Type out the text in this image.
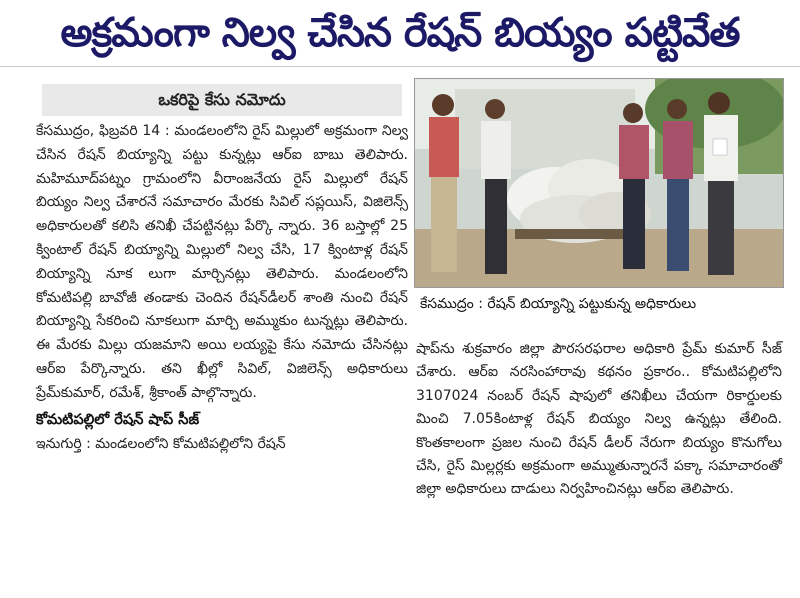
అక్రమంగా నిల్వ చేసిన రేషన్ బియ్యం పట్టివేత
ఒకరిపై కేసు నమోదు

కేసముద్రం, ఫిబ్రవరి 14 : మండలంలోని రైస్ మిల్లులో అక్రమంగా నిల్వ చేసిన రేషన్ బియ్యాన్ని పట్టు కున్నట్లు ఆర్ఐ బాబు తెలిపారు. మహిమూద్‌పట్నం గ్రామంలోని వీరాంజనేయ రైస్ మిల్లులో రేషన్ బియ్యం నిల్వ చేశారనే సమాచారం మేరకు సివిల్ సప్లయిస్, విజిలెన్స్ అధికారులతో కలిసి తనిఖీ చేపట్టినట్లు పేర్కొ న్నారు. 36 బస్తాల్లో 25 క్వింటాల్ రేషన్ బియ్యాన్ని మిల్లులో నిల్వ చేసి, 17 క్వింటాళ్ల రేషన్ బియ్యాన్ని నూక లుగా మార్చినట్లు తెలిపారు. మండలంలోని కోమటిపల్లి బావోజీ తండాకు చెందిన రేషన్‌డీలర్ శాంతి నుంచి రేషన్ బియ్యాన్ని సేకరించి నూకలుగా మార్చి అమ్ముకుం టున్నట్లు తెలిపారు. ఈ మేరకు మిల్లు యజమాని అయి లయ్యపై కేసు నమోదు చేసినట్లు ఆర్ఐ పేర్కొన్నారు. తని ఖీల్లో సివిల్, విజిలెన్స్ అధికారులు ప్రేమ్‌కుమార్, రమేశ్, శ్రీకాంత్ పాల్గొన్నారు.

కోమటిపల్లిలో రేషన్ షాప్ సీజ్

ఇనుగుర్తి : మండలంలోని కోమటిపల్లిలోని రేషన్

కేసముద్రం : రేషన్ బియ్యాన్ని పట్టుకున్న అధికారులు

షాప్‌ను శుక్రవారం జిల్లా పౌరసరఫరాల అధికారి ప్రేమ్ కుమార్ సీజ్ చేశారు. ఆర్ఐ నరసింహారావు కథనం ప్రకారం.. కోమటిపల్లిలోని 3107024 నంబర్ రేషన్ షాపులో తనిఖీలు చేయగా రికార్డులకు మించి 7.05కింటాళ్ల రేషన్ బియ్యం నిల్వ ఉన్నట్లు తేలింది. కొంతకాలంగా ప్రజల నుంచి రేషన్ డీలర్ నేరుగా బియ్యం కొనుగోలు చేసి, రైస్ మిల్లర్లకు అక్రమంగా అమ్ముతున్నారనే పక్కా సమాచారంతో జిల్లా అధికారులు దాడులు నిర్వహించినట్లు ఆర్ఐ తెలిపారు.
